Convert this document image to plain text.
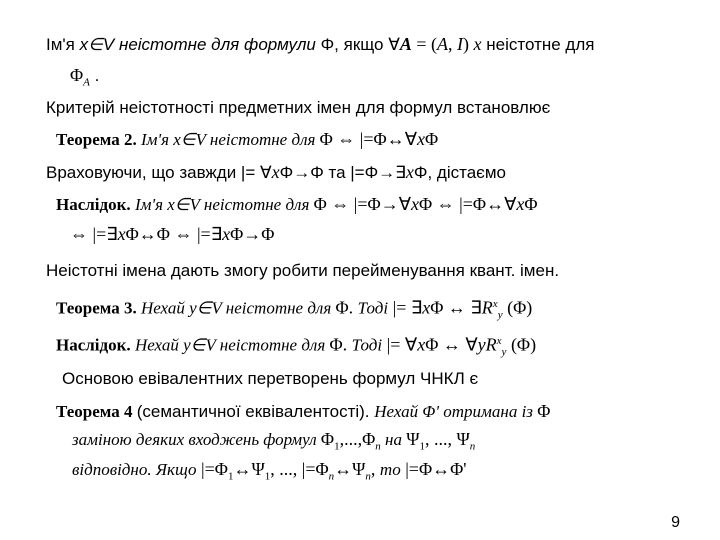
Ім'я x∈V неістотне для формули Φ, якщо ∀A = (A, I) x неістотне для
$\Phi_A$ .
Критерій неістотності предметних імен для формул встановлює
Теорема 2. Ім'я x∈V неістотне для Φ ⇔ |=Φ↔∀xΦ
Враховуючи, що завжди |= ∀xΦ→Φ та |=Φ→∃xΦ, дістаємо
Наслідок. Ім'я x∈V неістотне для Φ ⇔ |=Φ→∀xΦ ⇔ |=Φ↔∀xΦ
⇔ |=∃xΦ↔Φ ⇔ |=∃xΦ→Φ
Неістотні імена дають змогу робити перейменування квант. імен.
Теорема 3. Нехай y∈V неістотне для Φ. Тоді |= ∃xΦ ↔ $\exists R^x_y$ (Φ)
Наслідок. Нехай y∈V неістотне для Φ. Тоді |= ∀xΦ ↔ $\forall yR^x_y$ (Φ)
Основою евівалентних перетворень формул ЧНКЛ є
Теорема 4 (семантичної еквівалентості). Нехай Φ' отримана із Φ
заміною деяких входжень формул $\Phi_1,...,\Phi_n$ на $\Psi_1$, ..., $\Psi_n$
відповідно. Якщо $|=\Phi_1\leftrightarrow\Psi_1$, ..., $|=\Phi_n\leftrightarrow\Psi_n$, то |=Φ↔Φ'
9
